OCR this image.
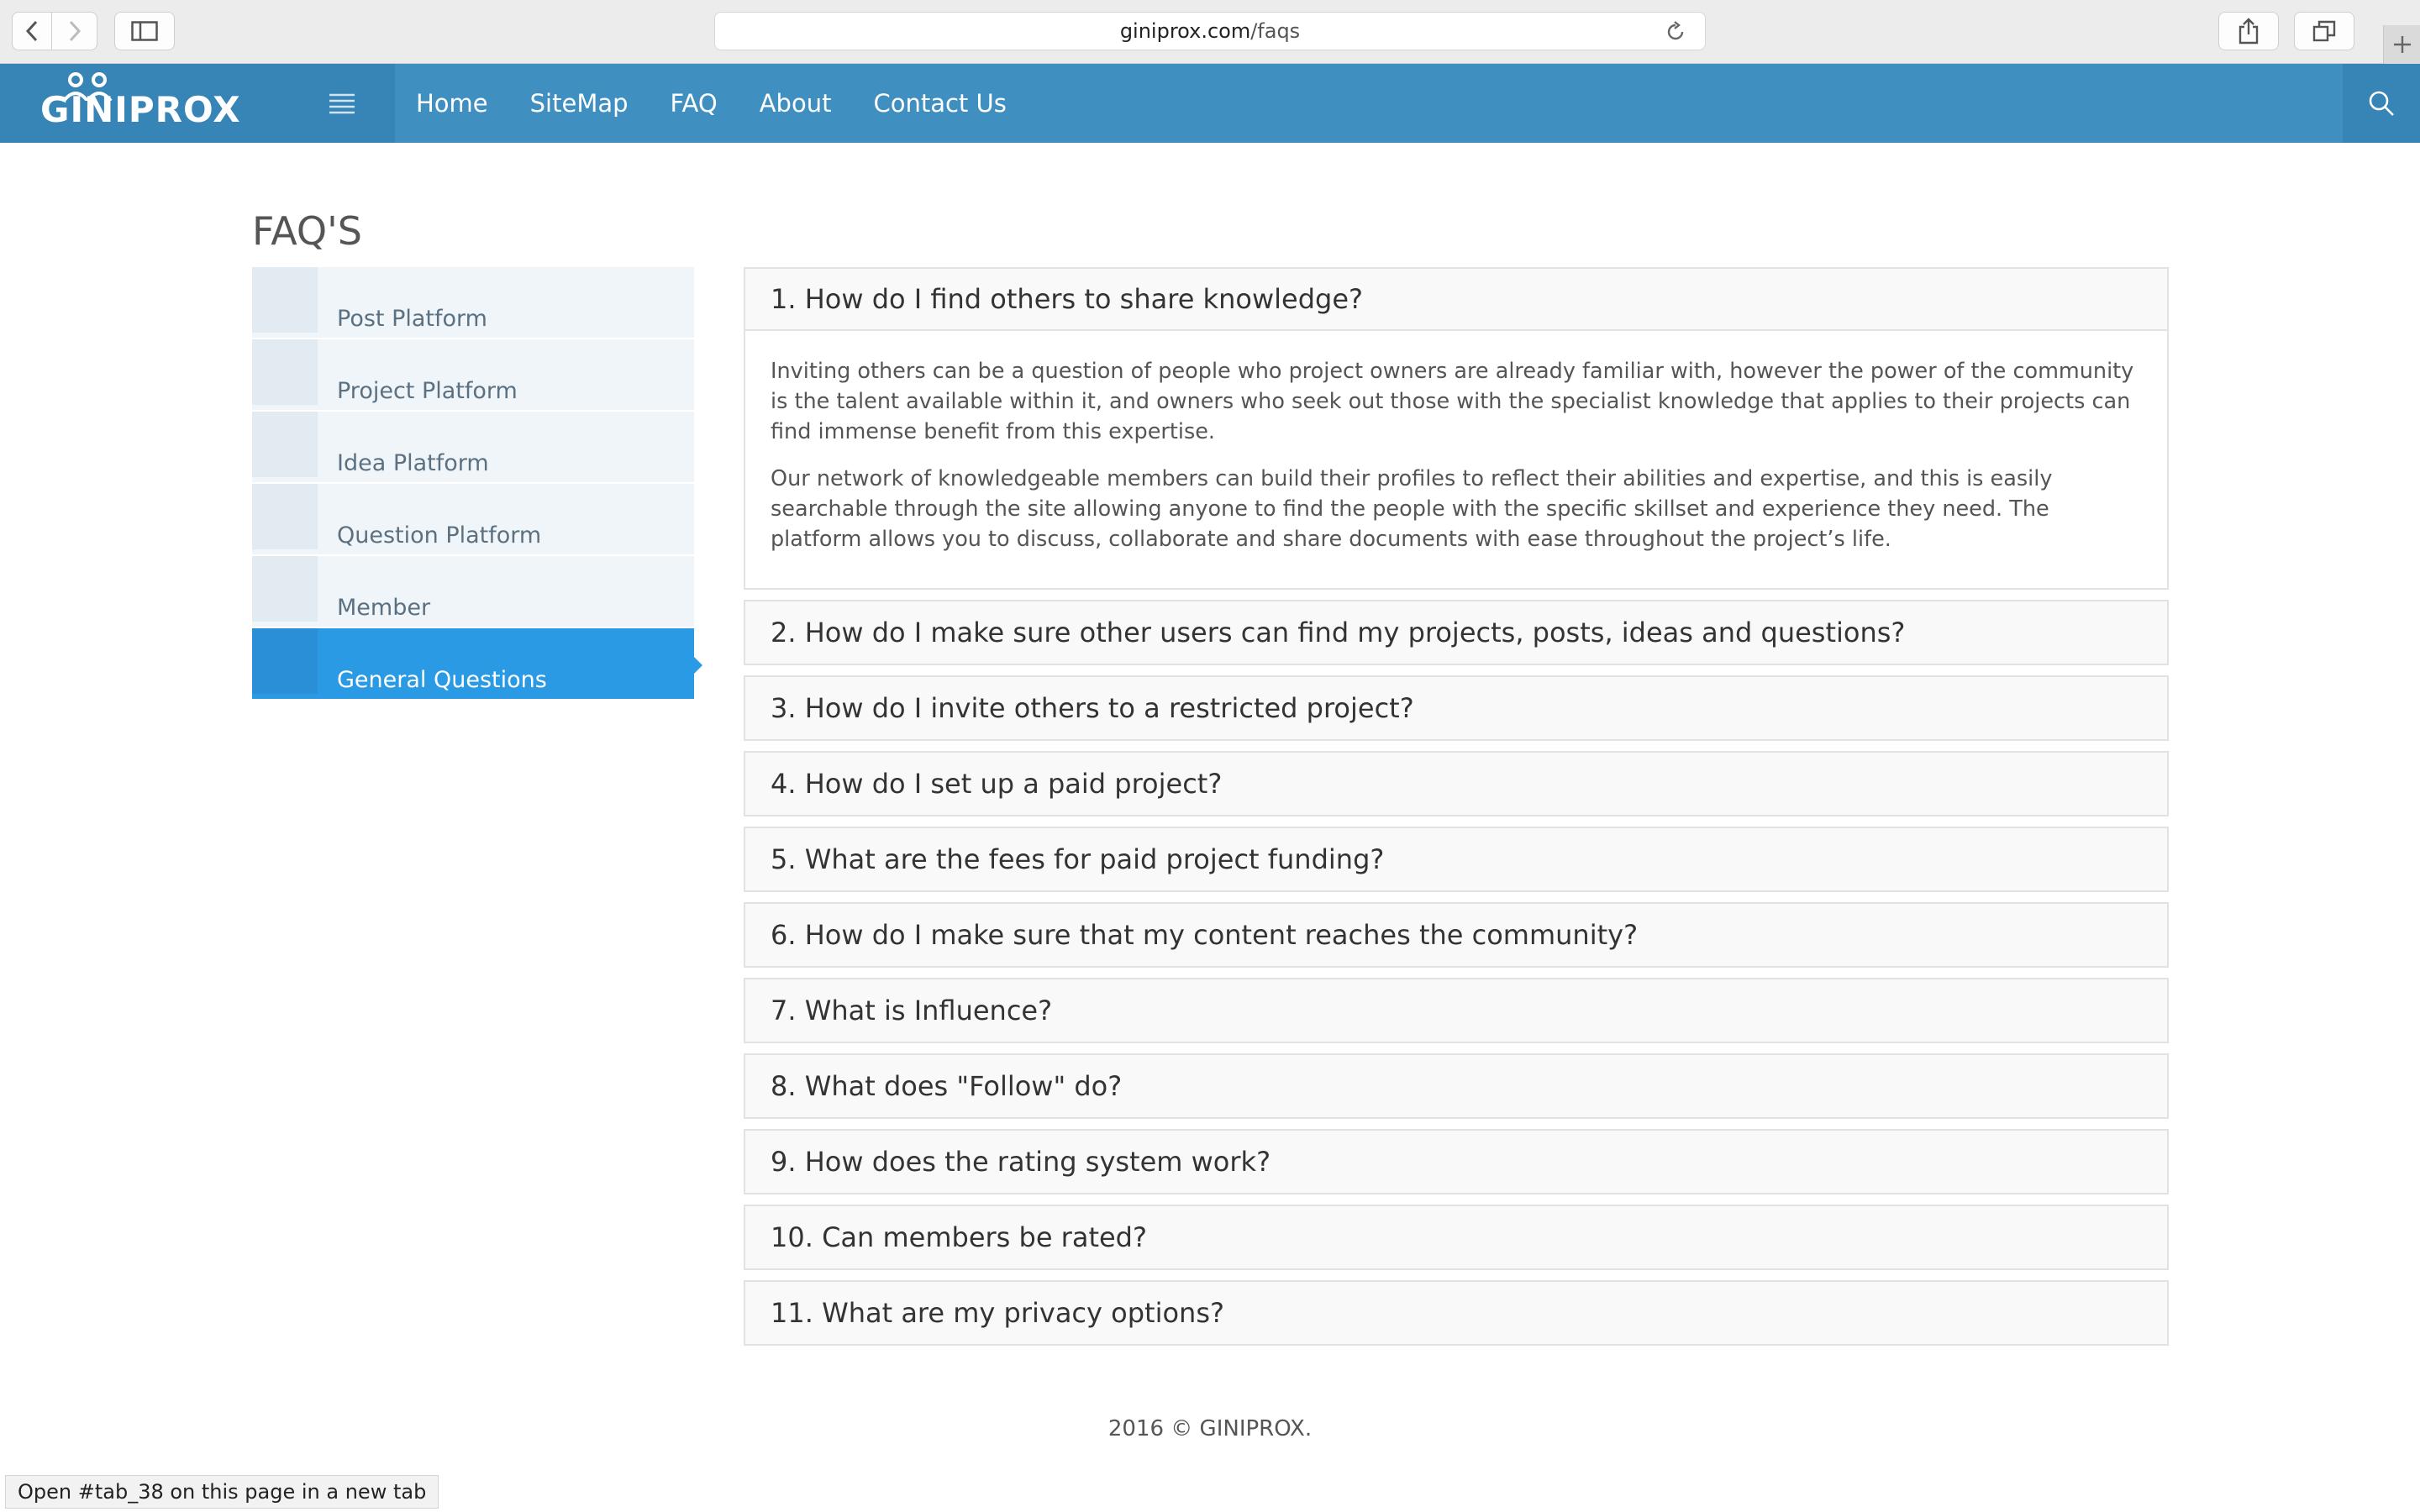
giniprox.com /faqs
GINIPROX	Home	SiteMap	FAQ	About	Contact Us
FAQ'S
Post Platform
Project Platform
Idea Platform
Question Platform
Member
General Questions
1. How do I find others to share knowledge?

Inviting others can be a question of people who project owners are already familiar with, however the power of the community is the talent available within it, and owners who seek out those with the specialist knowledge that applies to their projects can find immense benefit from this expertise.

Our network of knowledgeable members can build their profiles to reflect their abilities and expertise, and this is easily searchable through the site allowing anyone to find the people with the specific skillset and experience they need. The platform allows you to discuss, collaborate and share documents with ease throughout the project’s life.

2. How do I make sure other users can find my projects, posts, ideas and questions?
3. How do I invite others to a restricted project?
4. How do I set up a paid project?
5. What are the fees for paid project funding?
6. How do I make sure that my content reaches the community?
7. What is Influence?
8. What does "Follow" do?
9. How does the rating system work?
10. Can members be rated?
11. What are my privacy options?
2016 © GINIPROX.
Open #tab_38 on this page in a new tab
